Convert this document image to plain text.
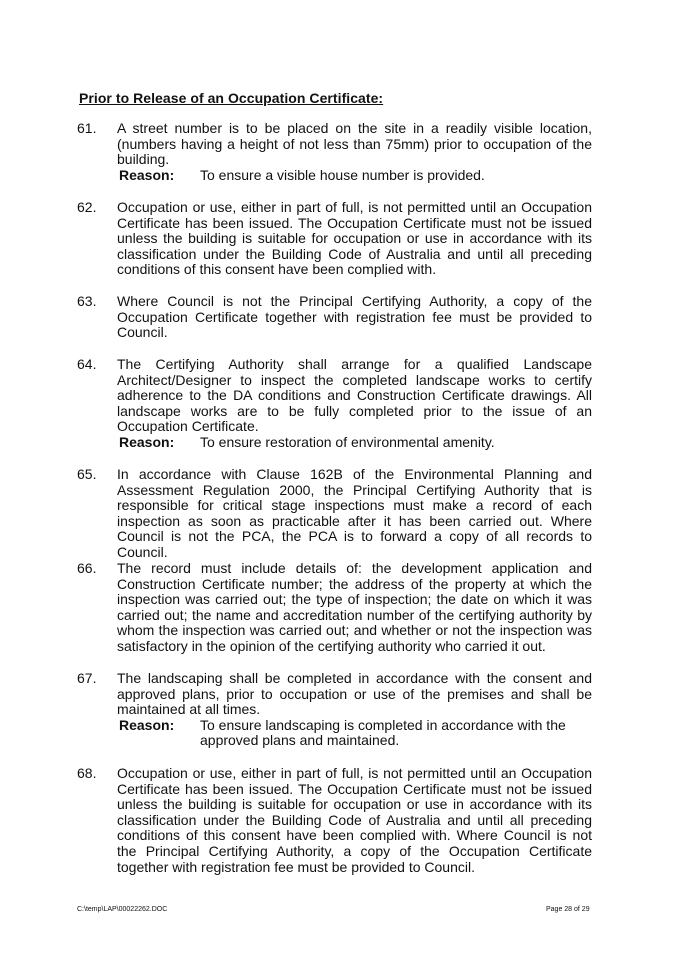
Prior to Release of an Occupation Certificate:
61. A street number is to be placed on the site in a readily visible location, (numbers having a height of not less than 75mm) prior to occupation of the building.
Reason: To ensure a visible house number is provided.
62. Occupation or use, either in part of full, is not permitted until an Occupation Certificate has been issued. The Occupation Certificate must not be issued unless the building is suitable for occupation or use in accordance with its classification under the Building Code of Australia and until all preceding conditions of this consent have been complied with.
63. Where Council is not the Principal Certifying Authority, a copy of the Occupation Certificate together with registration fee must be provided to Council.
64. The Certifying Authority shall arrange for a qualified Landscape Architect/Designer to inspect the completed landscape works to certify adherence to the DA conditions and Construction Certificate drawings. All landscape works are to be fully completed prior to the issue of an Occupation Certificate.
Reason: To ensure restoration of environmental amenity.
65. In accordance with Clause 162B of the Environmental Planning and Assessment Regulation 2000, the Principal Certifying Authority that is responsible for critical stage inspections must make a record of each inspection as soon as practicable after it has been carried out. Where Council is not the PCA, the PCA is to forward a copy of all records to Council.
66. The record must include details of: the development application and Construction Certificate number; the address of the property at which the inspection was carried out; the type of inspection; the date on which it was carried out; the name and accreditation number of the certifying authority by whom the inspection was carried out; and whether or not the inspection was satisfactory in the opinion of the certifying authority who carried it out.
67. The landscaping shall be completed in accordance with the consent and approved plans, prior to occupation or use of the premises and shall be maintained at all times.
Reason: To ensure landscaping is completed in accordance with the approved plans and maintained.
68. Occupation or use, either in part of full, is not permitted until an Occupation Certificate has been issued. The Occupation Certificate must not be issued unless the building is suitable for occupation or use in accordance with its classification under the Building Code of Australia and until all preceding conditions of this consent have been complied with. Where Council is not the Principal Certifying Authority, a copy of the Occupation Certificate together with registration fee must be provided to Council.
C:\temp\LAP\00022262.DOC	Page 28 of 29
